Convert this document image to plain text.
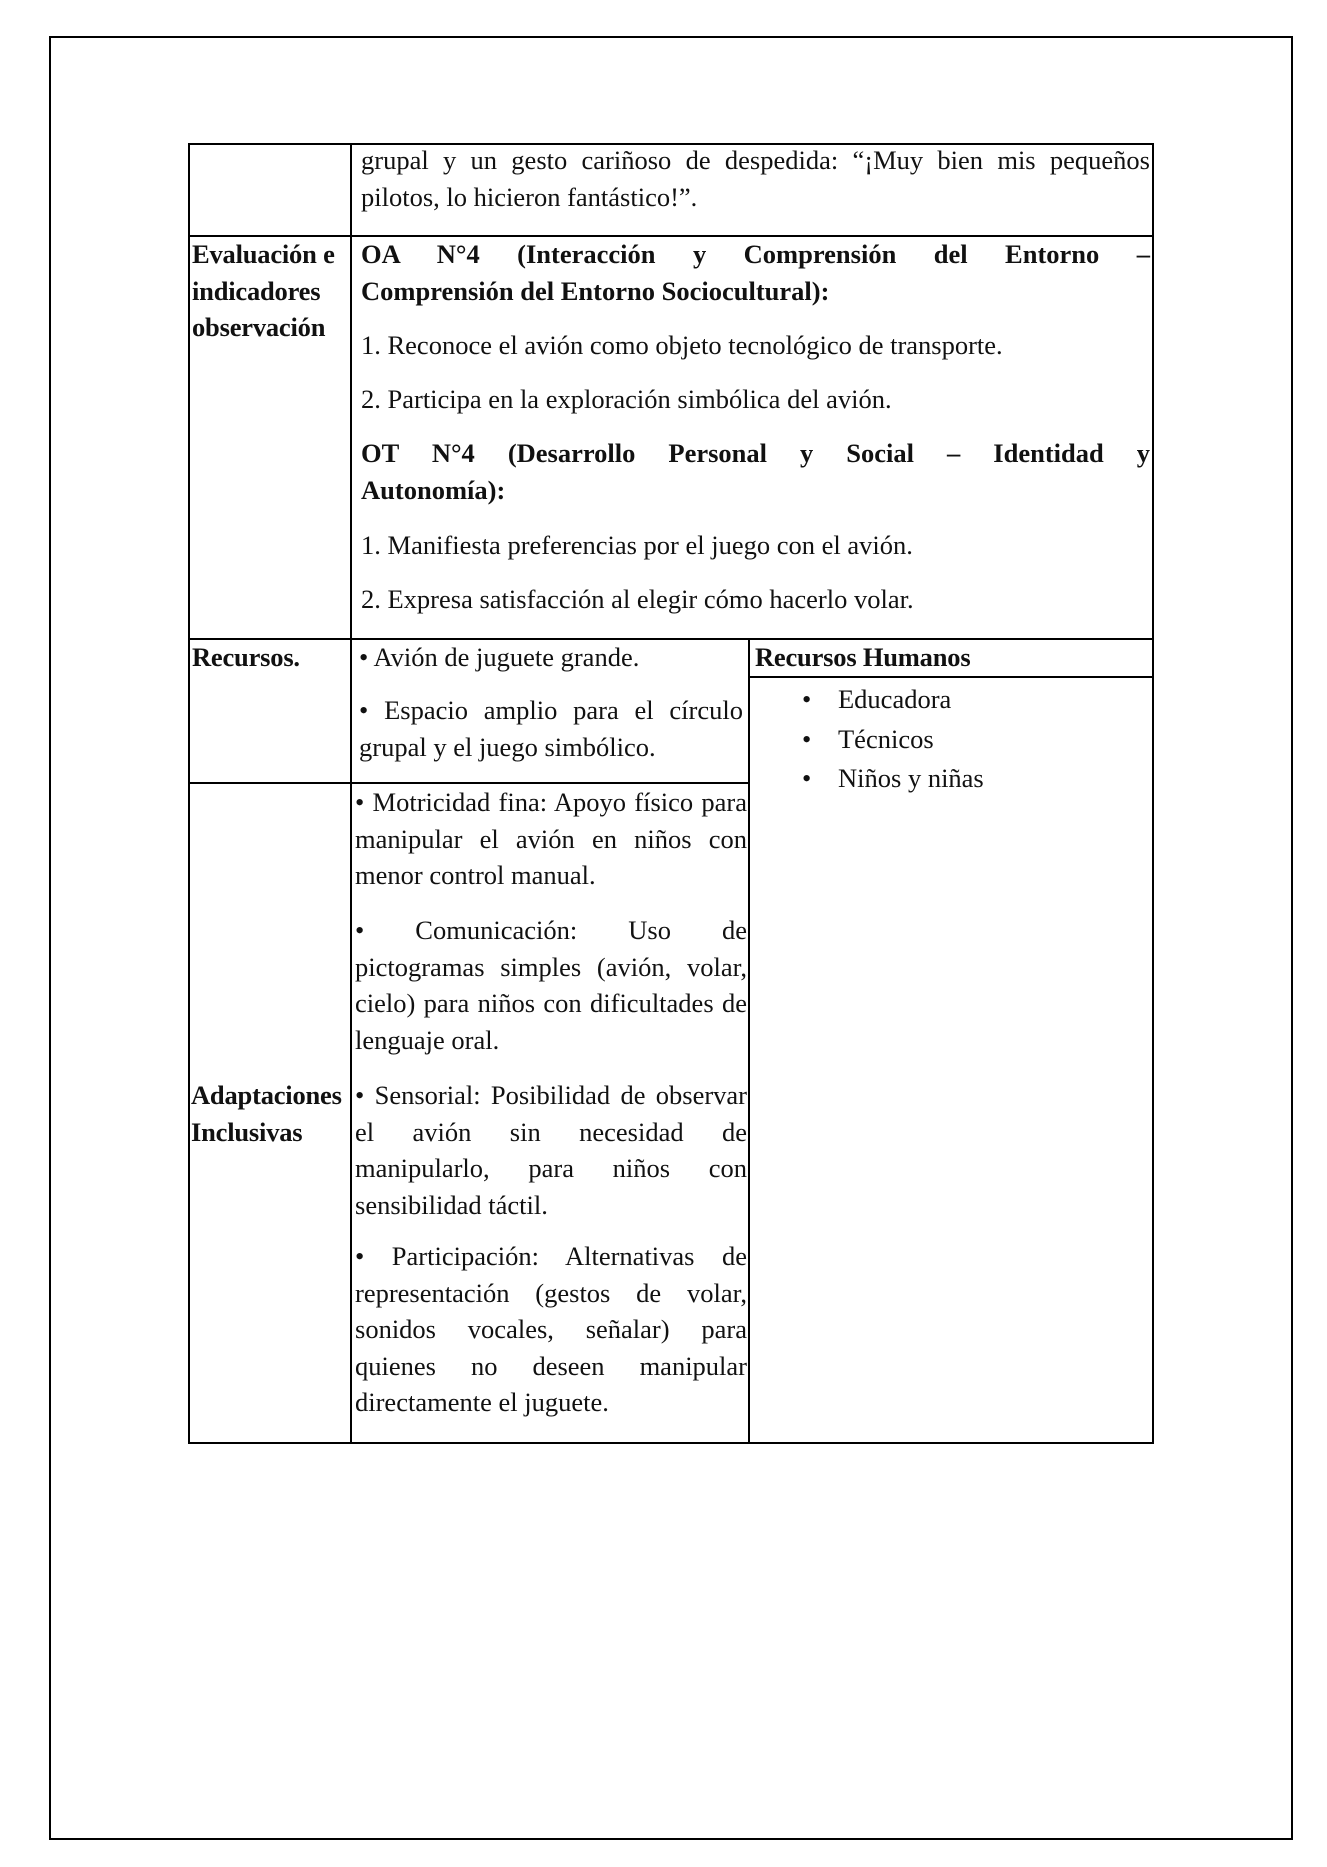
grupal y un gesto cariñoso de despedida: “¡Muy bien mis pequeños
pilotos, lo hicieron fantástico!”.
Evaluación e
indicadores
observación
OA N°4 (Interacción y Comprensión del Entorno –
Comprensión del Entorno Sociocultural):
1. Reconoce el avión como objeto tecnológico de transporte.
2. Participa en la exploración simbólica del avión.
OT N°4 (Desarrollo Personal y Social – Identidad y
Autonomía):
1. Manifiesta preferencias por el juego con el avión.
2. Expresa satisfacción al elegir cómo hacerlo volar.
Recursos.	• Avión de juguete grande.
• Espacio amplio para el círculo
grupal y el juego simbólico.
Recursos Humanos
• Educadora
• Técnicos
• Niños y niñas
Adaptaciones
Inclusivas
• Motricidad fina: Apoyo físico para
manipular el avión en niños con
menor control manual.
• Comunicación: Uso de
pictogramas simples (avión, volar,
cielo) para niños con dificultades de
lenguaje oral.
• Sensorial: Posibilidad de observar
el avión sin necesidad de
manipularlo, para niños con
sensibilidad táctil.
• Participación: Alternativas de
representación (gestos de volar,
sonidos vocales, señalar) para
quienes no deseen manipular
directamente el juguete.
